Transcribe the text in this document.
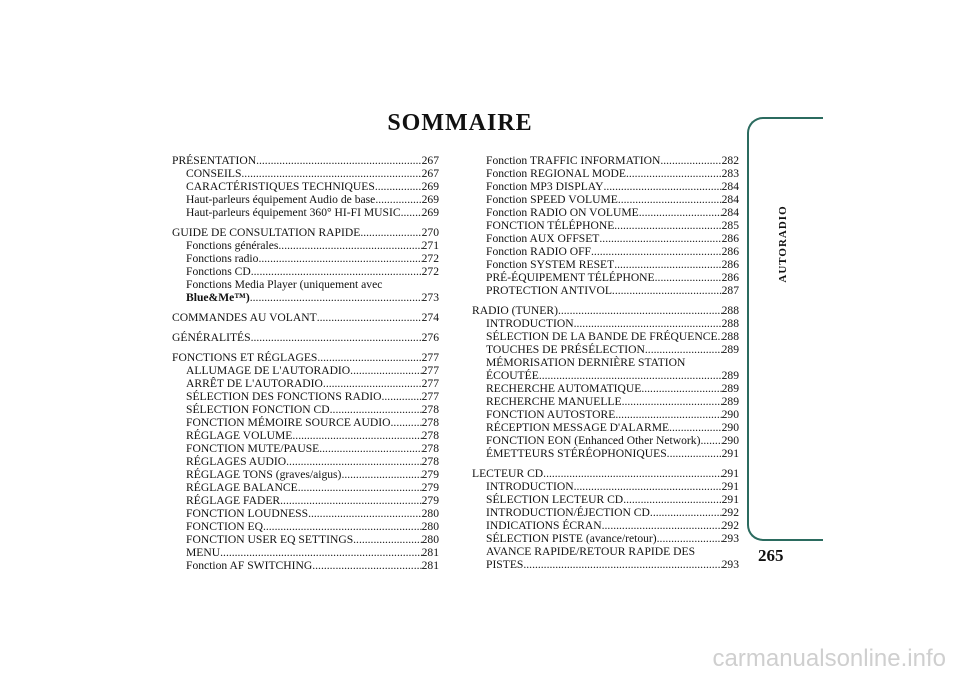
SOMMAIRE
PRÉSENTATION .....	267
CONSEILS .....	267
CARACTÉRISTIQUES TECHNIQUES .....	269
Haut-parleurs équipement Audio de base .....	269
Haut-parleurs équipement 360° HI-FI MUSIC ..... 269
GUIDE DE CONSULTATION RAPIDE .....	270
Fonctions générales .....	271
Fonctions radio .....	272
Fonctions CD .....	272
Fonctions Media Player (uniquement avec
Blue&Me™) .....	273
COMMANDES AU VOLANT .....	274
GÉNÉRALITÉS .....	276
FONCTIONS ET RÉGLAGES .....	277
ALLUMAGE DE L'AUTORADIO .....	277
ARRÊT DE L'AUTORADIO .....	277
SÉLECTION DES FONCTIONS RADIO .....	277
SÉLECTION FONCTION CD .....	278
FONCTION MÉMOIRE SOURCE AUDIO .....	278
RÉGLAGE VOLUME .....	278
FONCTION MUTE/PAUSE .....	278
RÉGLAGES AUDIO .....	278
RÉGLAGE TONS (graves/aigus) .....	279
RÉGLAGE BALANCE .....	279
RÉGLAGE FADER .....	279
FONCTION LOUDNESS .....	280
FONCTION EQ .....	280
FONCTION USER EQ SETTINGS .....	280
MENU .....	281
Fonction AF SWITCHING .....	281
Fonction TRAFFIC INFORMATION .....	282
Fonction REGIONAL MODE .....	283
Fonction MP3 DISPLAY .....	284
Fonction SPEED VOLUME .....	284
Fonction RADIO ON VOLUME .....	284
FONCTION TÉLÉPHONE .....	285
Fonction AUX OFFSET .....	286
Fonction RADIO OFF .....	286
Fonction SYSTEM RESET .....	286
PRÉ-ÉQUIPEMENT TÉLÉPHONE .....	286
PROTECTION ANTIVOL .....	287
RADIO (TUNER) .....	288
INTRODUCTION .....	288
SÉLECTION DE LA BANDE DE FRÉQUENCE ..... 288
TOUCHES DE PRÉSÉLECTION .....	289
MÉMORISATION DERNIÈRE STATION
ÉCOUTÉE .....	289
RECHERCHE AUTOMATIQUE .....	289
RECHERCHE MANUELLE .....	289
FONCTION AUTOSTORE .....	290
RÉCEPTION MESSAGE D'ALARME .....	290
FONCTION EON (Enhanced Other Network) ..... 290
ÉMETTEURS STÉRÉOPHONIQUES .....	291
LECTEUR CD .....	291
INTRODUCTION .....	291
SÉLECTION LECTEUR CD .....	291
INTRODUCTION/ÉJECTION CD .....	292
INDICATIONS ÉCRAN .....	292
SÉLECTION PISTE (avance/retour) .....	293
AVANCE RAPIDE/RETOUR RAPIDE DES
PISTES .....	293
AUTORADIO
265
carmanualsonline.info
